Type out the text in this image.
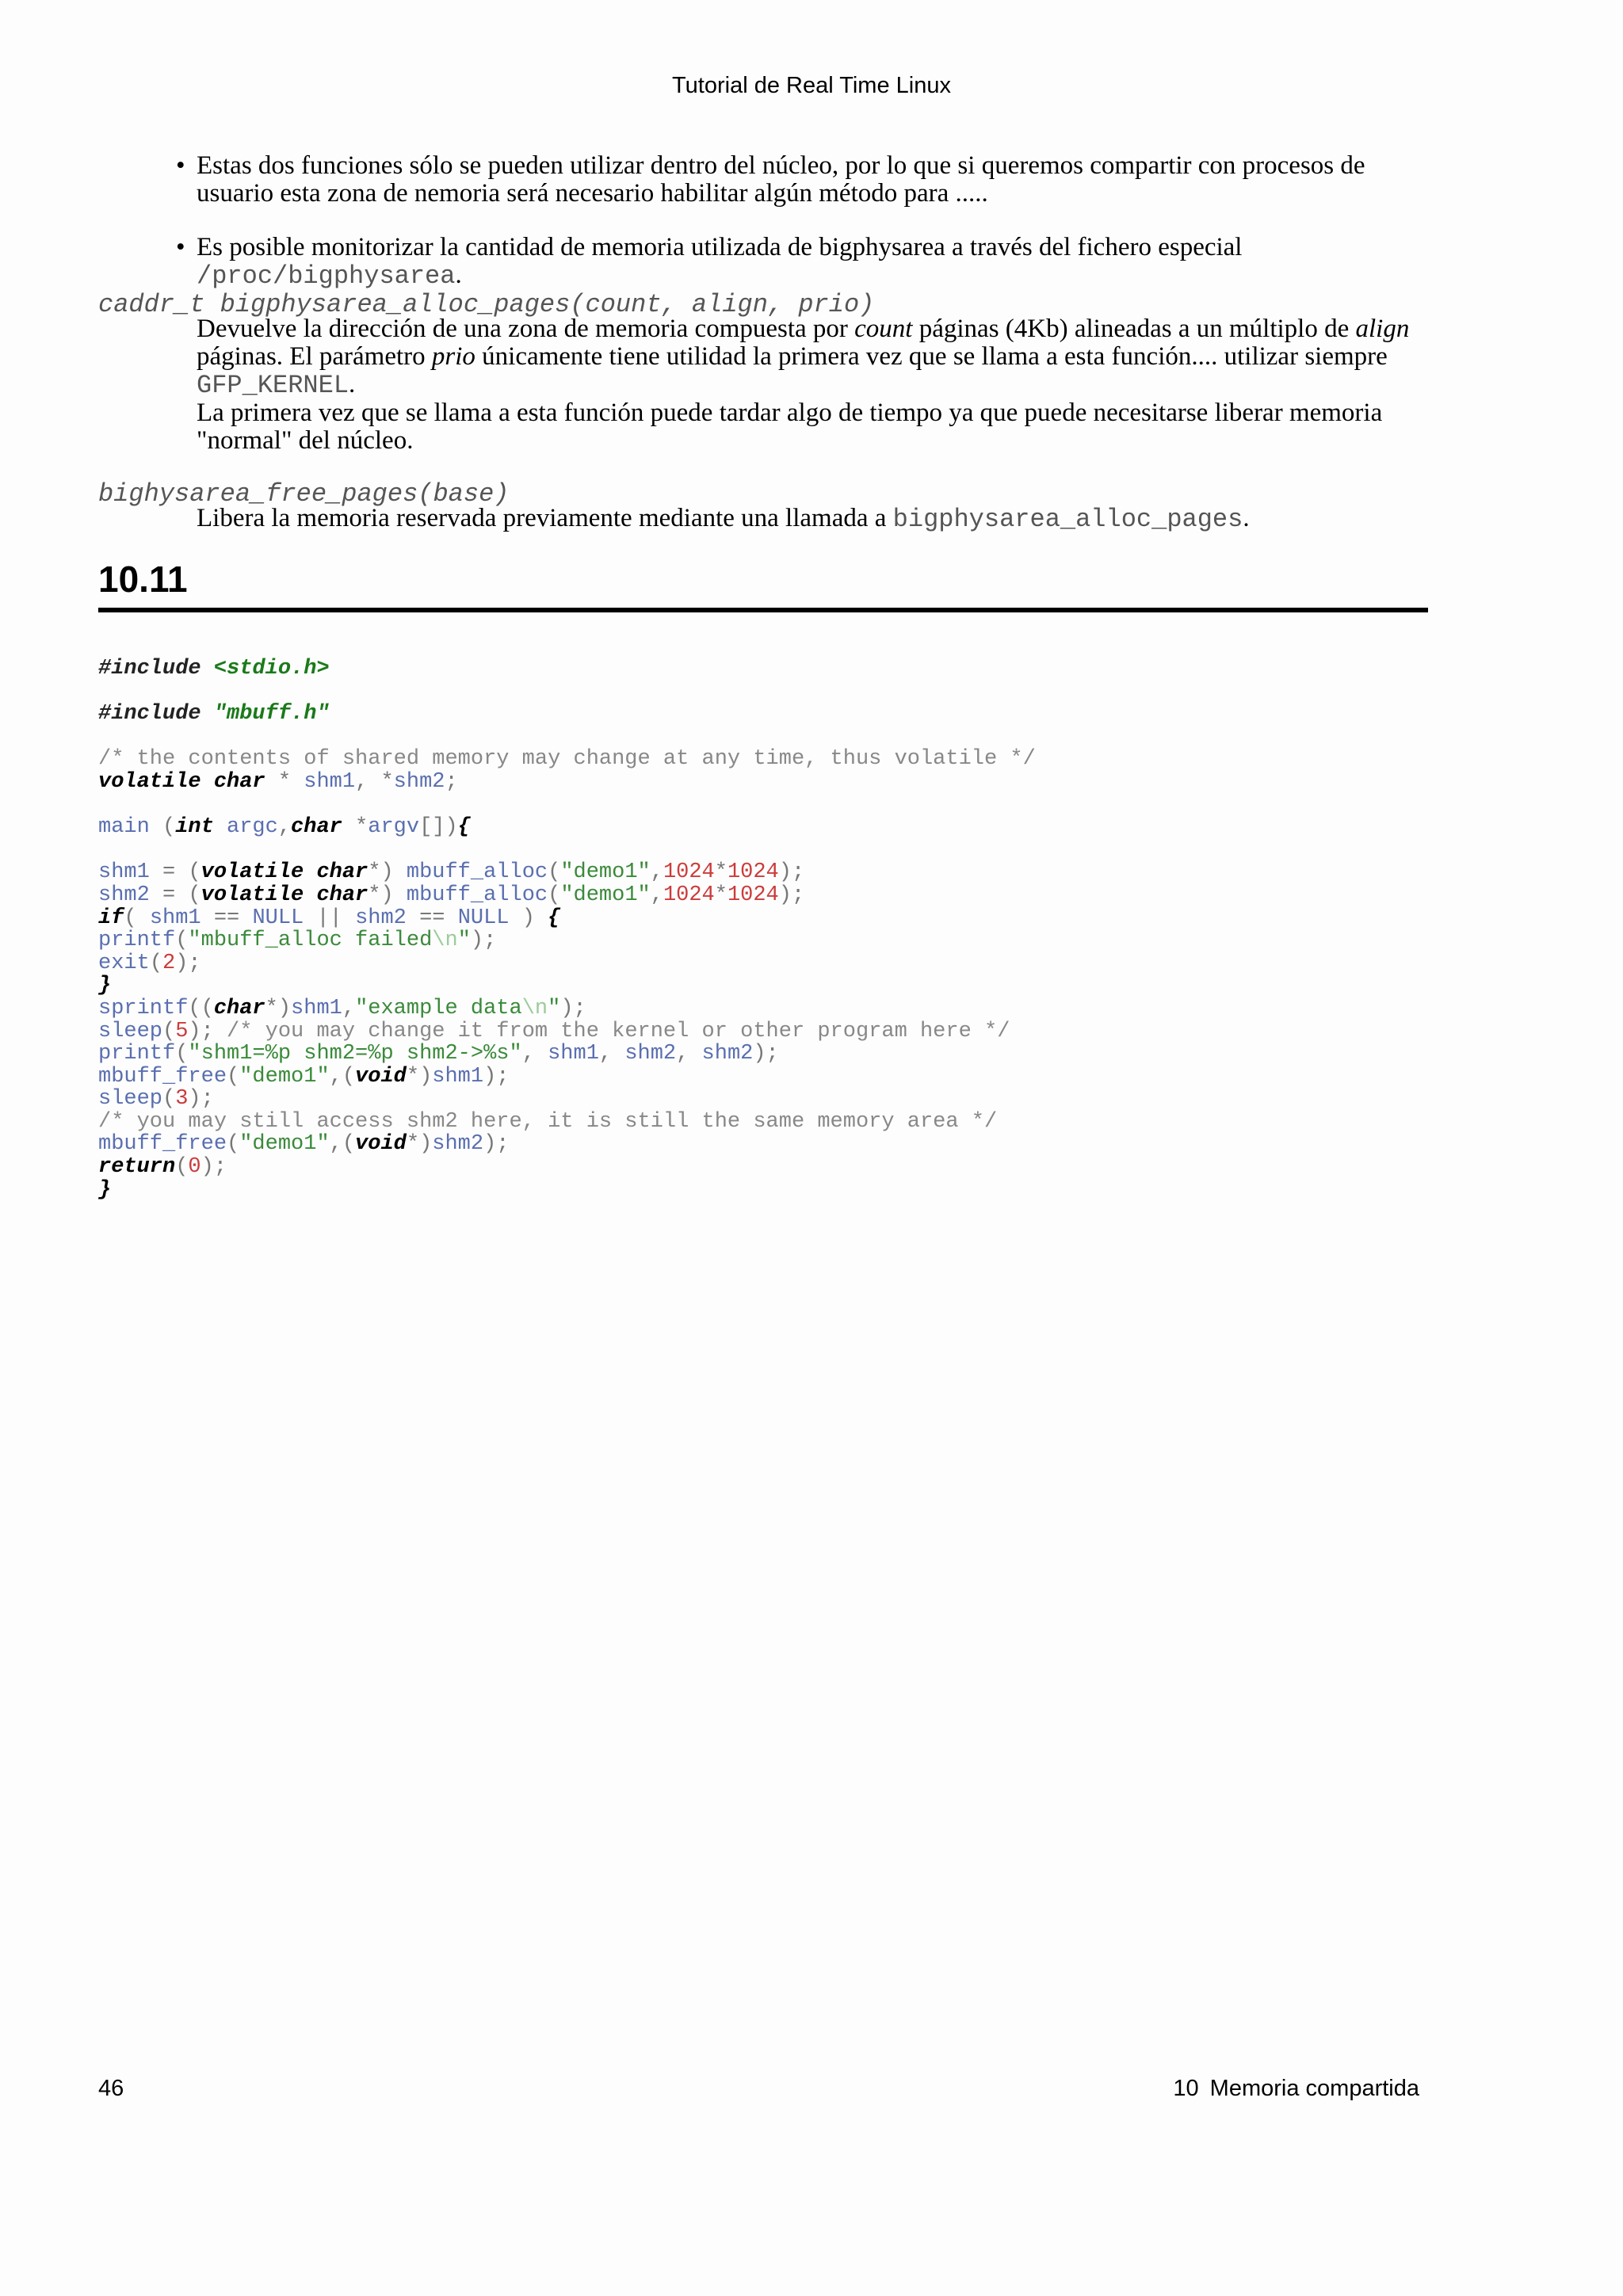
Tutorial de Real Time Linux
• Estas dos funciones sólo se pueden utilizar dentro del núcleo, por lo que si queremos compartir con procesos de usuario esta zona de nemoria será necesario habilitar algún método para .....
• Es posible monitorizar la cantidad de memoria utilizada de bigphysarea a través del fichero especial
/proc/bigphysarea.
caddr_t bigphysarea_alloc_pages(count, align, prio)
Devuelve la dirección de una zona de memoria compuesta por count páginas (4Kb) alineadas a un múltiplo de align páginas. El parámetro prio únicamente tiene utilidad la primera vez que se llama a esta función.... utilizar siempre GFP_KERNEL.
La primera vez que se llama a esta función puede tardar algo de tiempo ya que puede necesitarse liberar memoria "normal" del núcleo.
bighysarea_free_pages(base)
Libera la memoria reservada previamente mediante una llamada a bigphysarea_alloc_pages.
10.11
#include <stdio.h>
#include "mbuff.h"
/* the contents of shared memory may change at any time, thus volatile */
volatile char * shm1, *shm2;
main (int argc,char *argv[]){
shm1 = (volatile char*) mbuff_alloc("demo1",1024*1024);
shm2 = (volatile char*) mbuff_alloc("demo1",1024*1024);
if( shm1 == NULL || shm2 == NULL ) {
printf("mbuff_alloc failed\n");
exit(2);
}
sprintf((char*)shm1,"example data\n");
sleep(5); /* you may change it from the kernel or other program here */
printf("shm1=%p shm2=%p shm2->%s", shm1, shm2, shm2);
mbuff_free("demo1",(void*)shm1);
sleep(3);
/* you may still access shm2 here, it is still the same memory area */
mbuff_free("demo1",(void*)shm2);
return(0);
}
46	10 Memoria compartida
